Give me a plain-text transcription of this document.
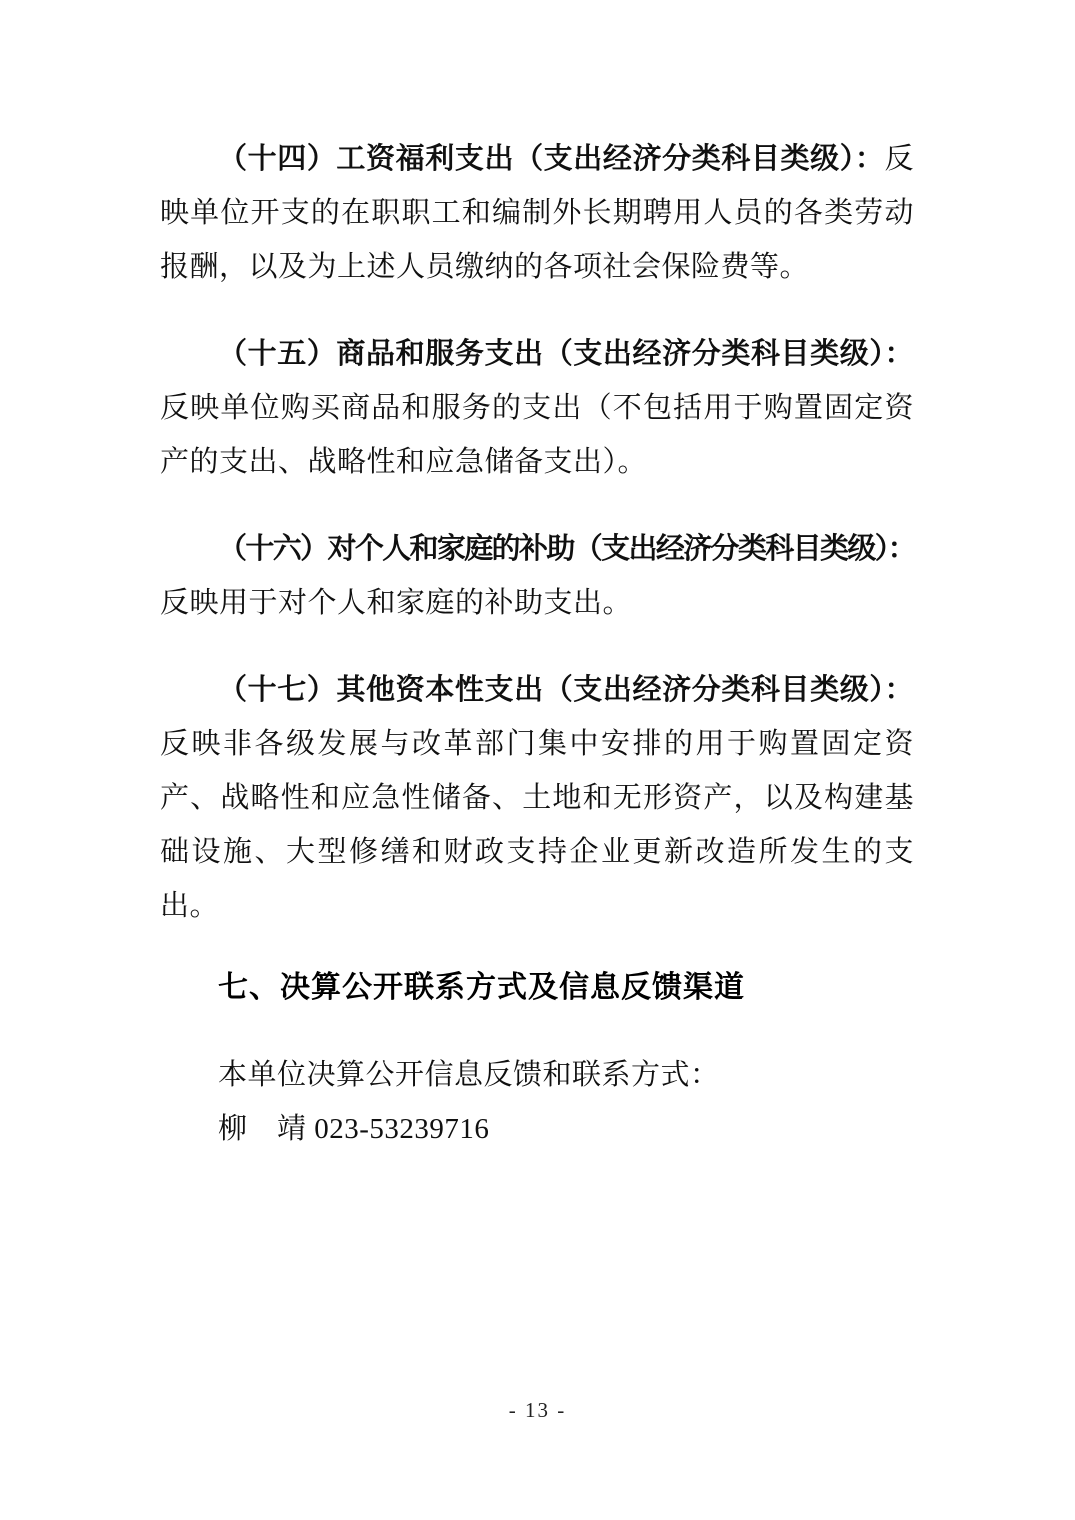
（十四）工资福利支出（支出经济分类科目类级）：反映单位开支的在职职工和编制外长期聘用人员的各类劳动报酬，以及为上述人员缴纳的各项社会保险费等。

（十五）商品和服务支出（支出经济分类科目类级）：反映单位购买商品和服务的支出（不包括用于购置固定资产的支出、战略性和应急储备支出）。

（十六）对个人和家庭的补助（支出经济分类科目类级）：反映用于对个人和家庭的补助支出。

（十七）其他资本性支出（支出经济分类科目类级）：反映非各级发展与改革部门集中安排的用于购置固定资产、战略性和应急性储备、土地和无形资产，以及构建基础设施、大型修缮和财政支持企业更新改造所发生的支出。

七、决算公开联系方式及信息反馈渠道

本单位决算公开信息反馈和联系方式：

柳　靖 023-53239716

- 13 -
